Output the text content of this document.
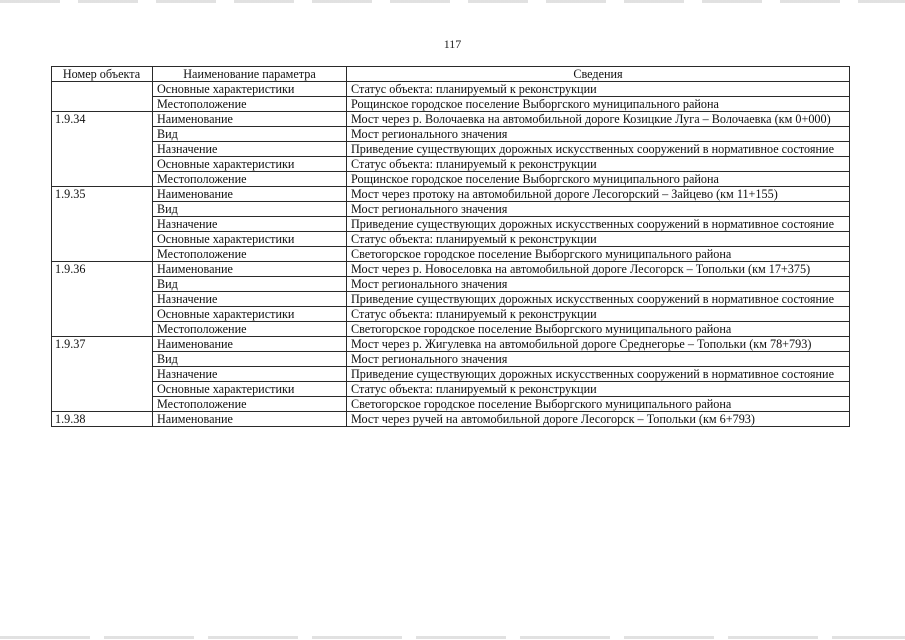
117
Номер объекта	Наименование параметра	Сведения
	Основные характеристики	Статус объекта: планируемый к реконструкции
	Местоположение	Рощинское городское поселение Выборгского муниципального района
1.9.34	Наименование	Мост через р. Волочаевка на автомобильной дороге Козицкие Луга – Волочаевка (км 0+000)
	Вид	Мост регионального значения
	Назначение	Приведение существующих дорожных искусственных сооружений в нормативное состояние
	Основные характеристики	Статус объекта: планируемый к реконструкции
	Местоположение	Рощинское городское поселение Выборгского муниципального района
1.9.35	Наименование	Мост через протоку на автомобильной дороге Лесогорский – Зайцево (км 11+155)
	Вид	Мост регионального значения
	Назначение	Приведение существующих дорожных искусственных сооружений в нормативное состояние
	Основные характеристики	Статус объекта: планируемый к реконструкции
	Местоположение	Светогорское городское поселение Выборгского муниципального района
1.9.36	Наименование	Мост через р. Новоселовка на автомобильной дороге Лесогорск – Топольки (км 17+375)
	Вид	Мост регионального значения
	Назначение	Приведение существующих дорожных искусственных сооружений в нормативное состояние
	Основные характеристики	Статус объекта: планируемый к реконструкции
	Местоположение	Светогорское городское поселение Выборгского муниципального района
1.9.37	Наименование	Мост через р. Жигулевка на автомобильной дороге Среднегорье – Топольки (км 78+793)
	Вид	Мост регионального значения
	Назначение	Приведение существующих дорожных искусственных сооружений в нормативное состояние
	Основные характеристики	Статус объекта: планируемый к реконструкции
	Местоположение	Светогорское городское поселение Выборгского муниципального района
1.9.38	Наименование	Мост через ручей на автомобильной дороге Лесогорск – Топольки (км 6+793)
